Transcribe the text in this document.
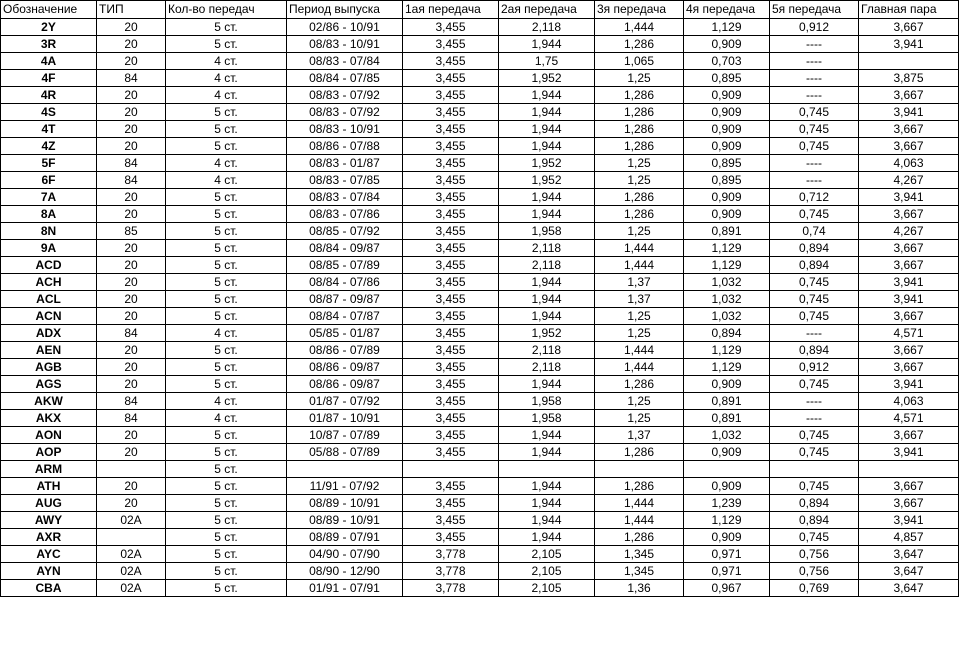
Обозначение	ТИП	Кол-во передач	Период выпуска	1ая передача	2ая передача	3я передача	4я передача	5я передача	Главная пара
2Y	20	5 ст.	02/86 - 10/91	3,455	2,118	1,444	1,129	0,912	3,667
3R	20	5 ст.	08/83 - 10/91	3,455	1,944	1,286	0,909	----	3,941
4A	20	4 ст.	08/83 - 07/84	3,455	1,75	1,065	0,703	----	
4F	84	4 ст.	08/84 - 07/85	3,455	1,952	1,25	0,895	----	3,875
4R	20	4 ст.	08/83 - 07/92	3,455	1,944	1,286	0,909	----	3,667
4S	20	5 ст.	08/83 - 07/92	3,455	1,944	1,286	0,909	0,745	3,941
4T	20	5 ст.	08/83 - 10/91	3,455	1,944	1,286	0,909	0,745	3,667
4Z	20	5 ст.	08/86 - 07/88	3,455	1,944	1,286	0,909	0,745	3,667
5F	84	4 ст.	08/83 - 01/87	3,455	1,952	1,25	0,895	----	4,063
6F	84	4 ст.	08/83 - 07/85	3,455	1,952	1,25	0,895	----	4,267
7A	20	5 ст.	08/83 - 07/84	3,455	1,944	1,286	0,909	0,712	3,941
8A	20	5 ст.	08/83 - 07/86	3,455	1,944	1,286	0,909	0,745	3,667
8N	85	5 ст.	08/85 - 07/92	3,455	1,958	1,25	0,891	0,74	4,267
9A	20	5 ст.	08/84 - 09/87	3,455	2,118	1,444	1,129	0,894	3,667
ACD	20	5 ст.	08/85 - 07/89	3,455	2,118	1,444	1,129	0,894	3,667
ACH	20	5 ст.	08/84 - 07/86	3,455	1,944	1,37	1,032	0,745	3,941
ACL	20	5 ст.	08/87 - 09/87	3,455	1,944	1,37	1,032	0,745	3,941
ACN	20	5 ст.	08/84 - 07/87	3,455	1,944	1,25	1,032	0,745	3,667
ADX	84	4 ст.	05/85 - 01/87	3,455	1,952	1,25	0,894	----	4,571
AEN	20	5 ст.	08/86 - 07/89	3,455	2,118	1,444	1,129	0,894	3,667
AGB	20	5 ст.	08/86 - 09/87	3,455	2,118	1,444	1,129	0,912	3,667
AGS	20	5 ст.	08/86 - 09/87	3,455	1,944	1,286	0,909	0,745	3,941
AKW	84	4 ст.	01/87 - 07/92	3,455	1,958	1,25	0,891	----	4,063
AKX	84	4 ст.	01/87 - 10/91	3,455	1,958	1,25	0,891	----	4,571
AON	20	5 ст.	10/87 - 07/89	3,455	1,944	1,37	1,032	0,745	3,667
AOP	20	5 ст.	05/88 - 07/89	3,455	1,944	1,286	0,909	0,745	3,941
ARM		5 ст.							
ATH	20	5 ст.	11/91 - 07/92	3,455	1,944	1,286	0,909	0,745	3,667
AUG	20	5 ст.	08/89 - 10/91	3,455	1,944	1,444	1,239	0,894	3,667
AWY	02A	5 ст.	08/89 - 10/91	3,455	1,944	1,444	1,129	0,894	3,941
AXR		5 ст.	08/89 - 07/91	3,455	1,944	1,286	0,909	0,745	4,857
AYC	02A	5 ст.	04/90 - 07/90	3,778	2,105	1,345	0,971	0,756	3,647
AYN	02A	5 ст.	08/90 - 12/90	3,778	2,105	1,345	0,971	0,756	3,647
CBA	02A	5 ст.	01/91 - 07/91	3,778	2,105	1,36	0,967	0,769	3,647
